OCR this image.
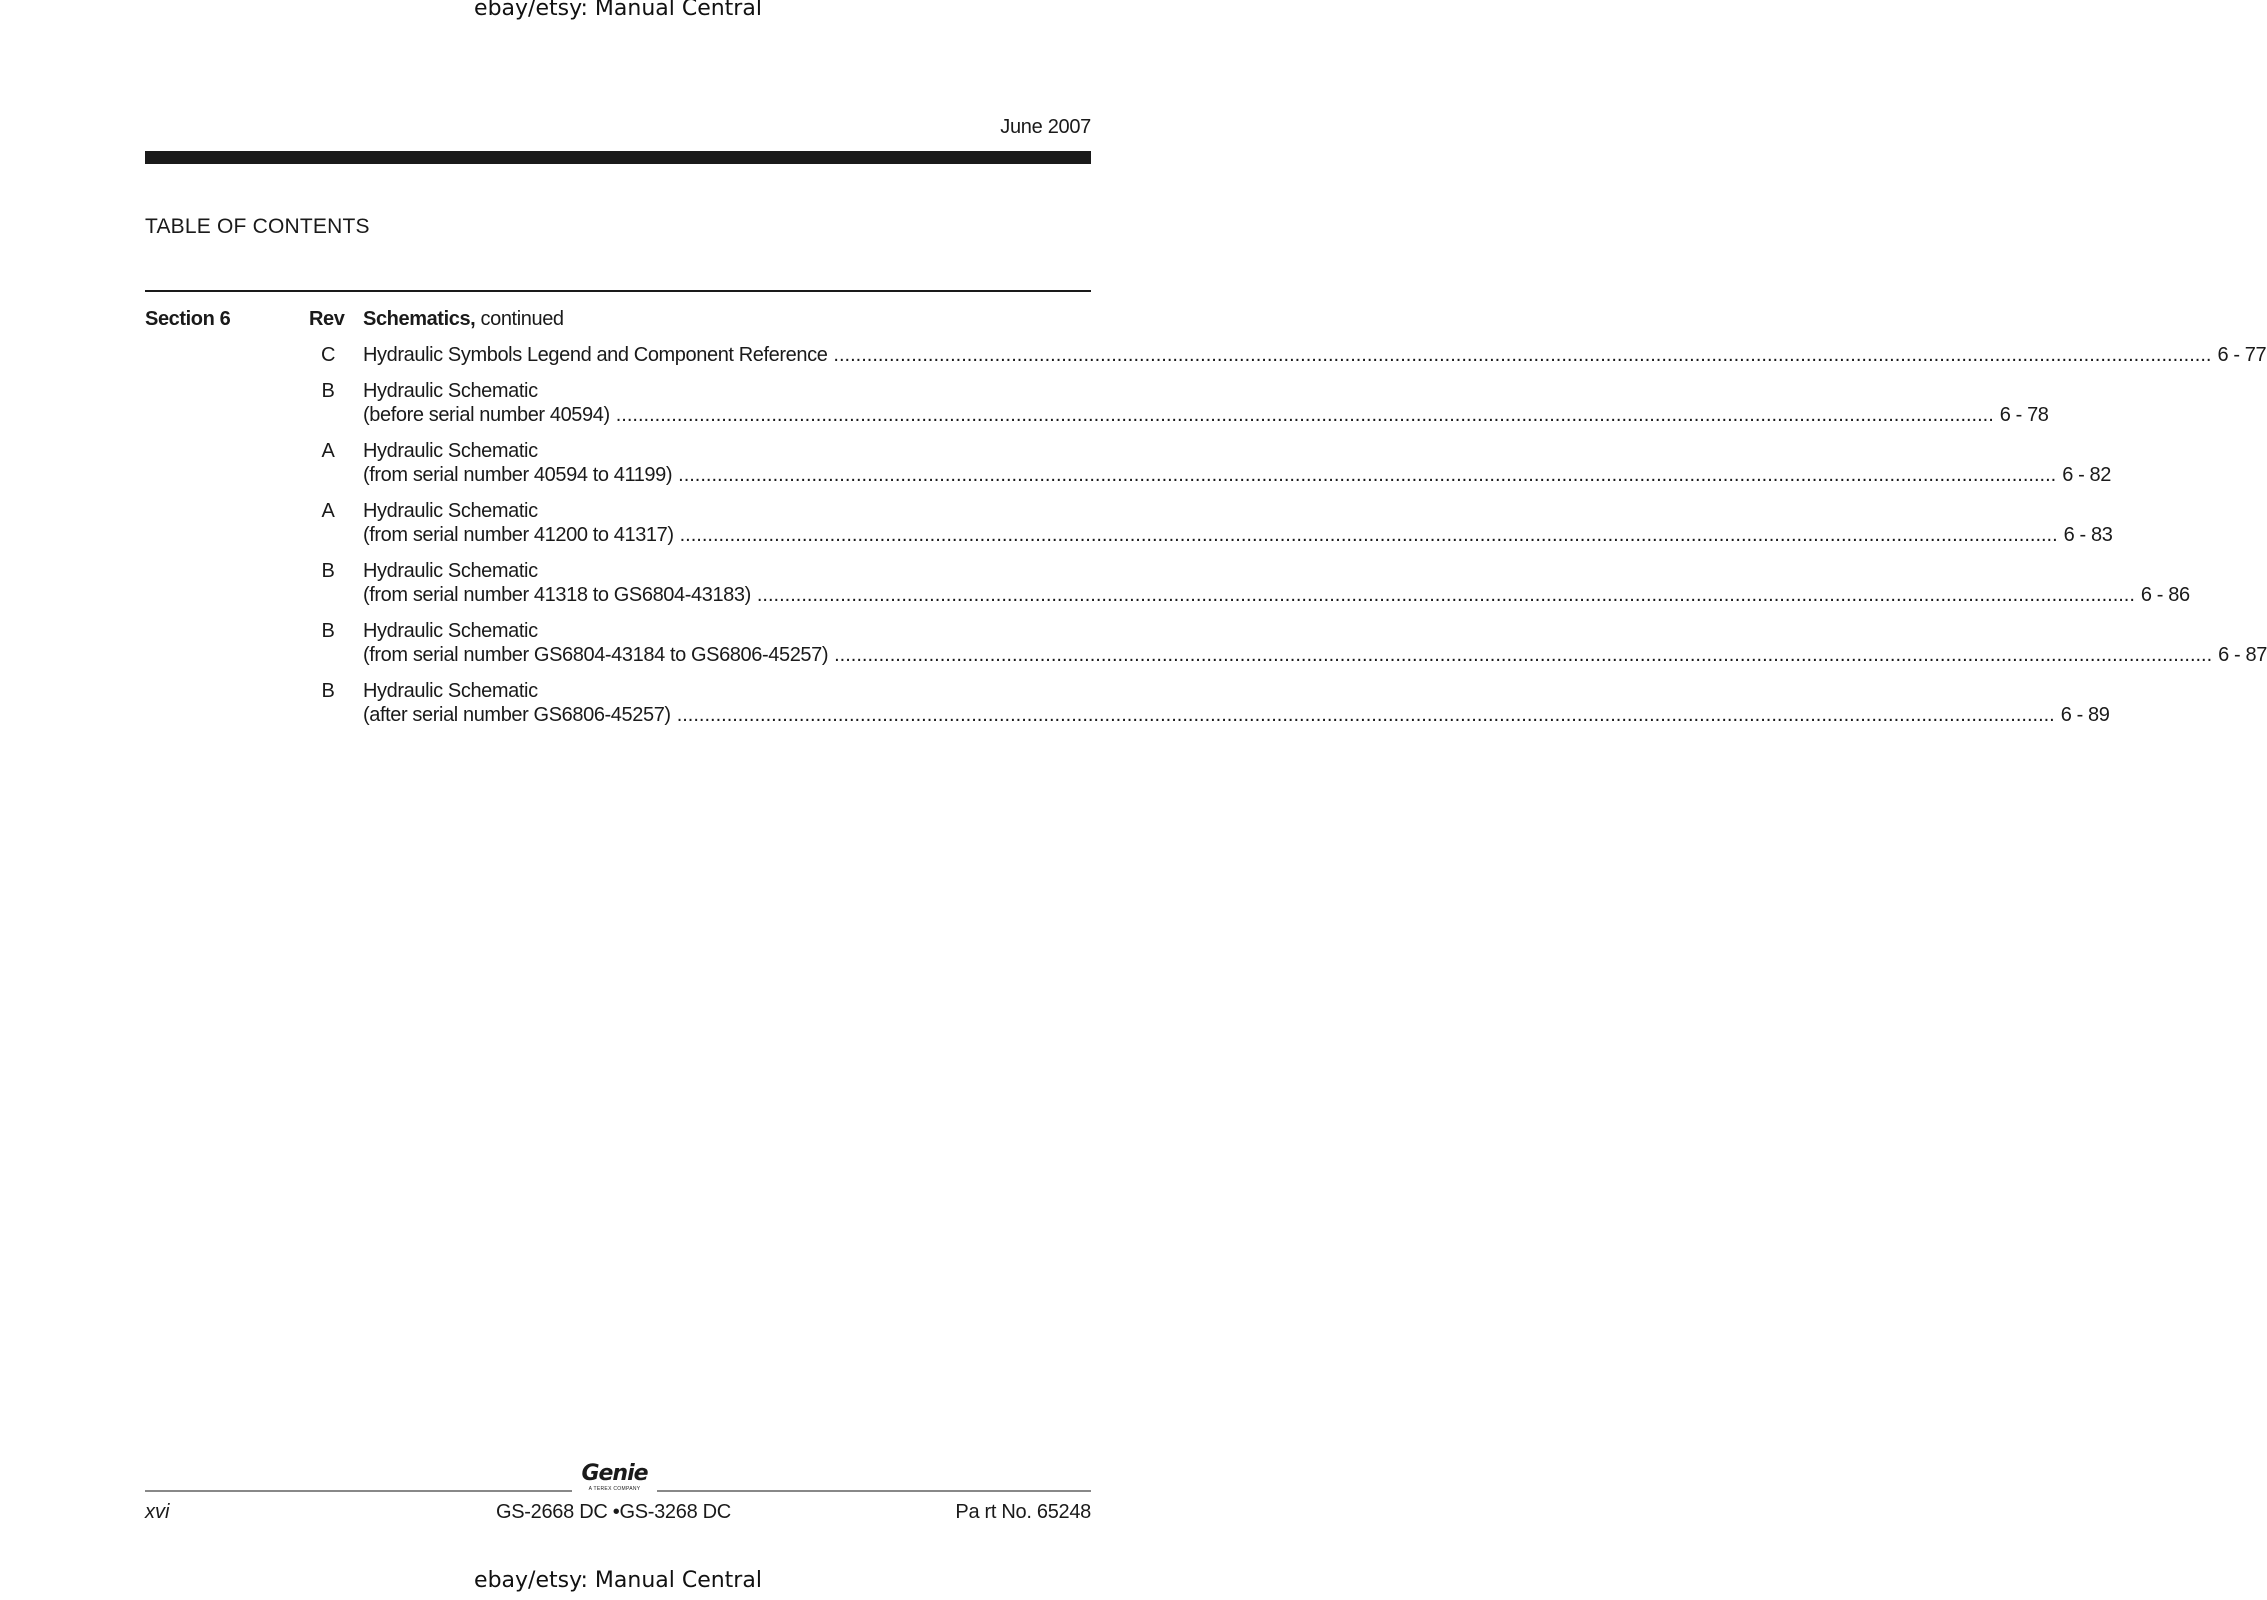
ebay/etsy: Manual Central
June 2007
TABLE OF CONTENTS
Section 6	Rev Schematics, continued
C	Hydraulic Symbols Legend and Component Reference .....	6 - 77
B	Hydraulic Schematic
(before serial number 40594) .....	6 - 78
A	Hydraulic Schematic
(from serial number 40594 to 41199) .....	6 - 82
A	Hydraulic Schematic
(from serial number 41200 to 41317) .....	6 - 83
B	Hydraulic Schematic
(from serial number 41318 to GS6804-43183) .....	6 - 86
B	Hydraulic Schematic
(from serial number GS6804-43184 to GS6806-45257) .....	6 - 87
B	Hydraulic Schematic
(after serial number GS6806-45257) .....	6 - 89
Genie
A TEREX COMPANY
xvi	GS-2668 DC •GS-3268 DC	Pa rt No. 65248
ebay/etsy: Manual Central
